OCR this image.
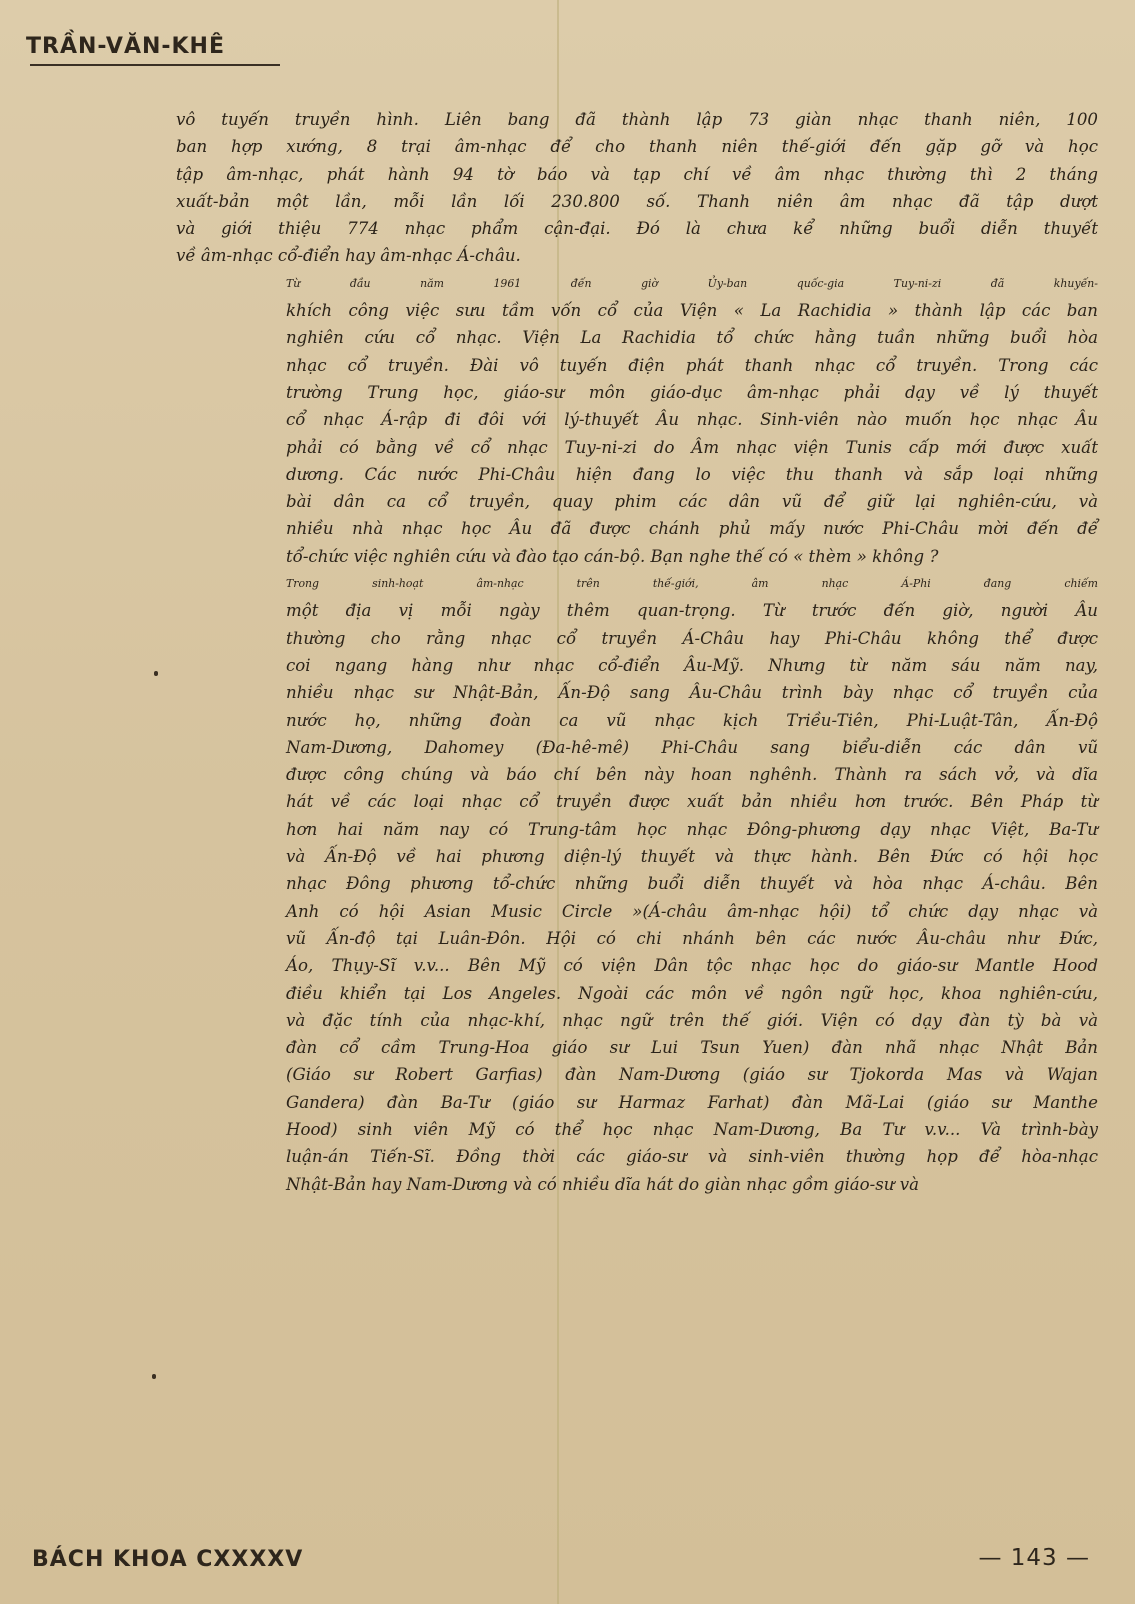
TRẦN-VĂN-KHÊ

vô tuyến truyền hình. Liên bang đã thành lập 73 giàn nhạc thanh niên, 100
ban hợp xướng, 8 trại âm-nhạc để cho thanh niên thế-giới đến gặp gỡ và học
tập âm-nhạc, phát hành 94 tờ báo và tạp chí về âm nhạc thường thì 2 tháng
xuất-bản một lần, mỗi lần lối 230.800 số. Thanh niên âm nhạc đã tập dượt
và giới thiệu 774 nhạc phẩm cận-đại. Đó là chưa kể những buổi diễn thuyết
về âm-nhạc cổ-điển hay âm-nhạc Á-châu.

Từ đầu năm 1961 đến giờ Ủy-ban quốc-gia Tuy-ni-zi đã khuyến-
khích công việc sưu tầm vốn cổ của Viện « La Rachidia » thành lập các ban
nghiên cứu cổ nhạc. Viện La Rachidia tổ chức hằng tuần những buổi hòa
nhạc cổ truyền. Đài vô tuyến điện phát thanh nhạc cổ truyền. Trong các
trường Trung học, giáo-sư môn giáo-dục âm-nhạc phải dạy về lý thuyết
cổ nhạc Á-rập đi đôi với lý-thuyết Âu nhạc. Sinh-viên nào muốn học nhạc Âu
phải có bằng về cổ nhạc Tuy-ni-zi do Âm nhạc viện Tunis cấp mới được xuất
dương. Các nước Phi-Châu hiện đang lo việc thu thanh và sắp loại những
bài dân ca cổ truyền, quay phim các dân vũ để giữ lại nghiên-cứu, và
nhiều nhà nhạc học Âu đã được chánh phủ mấy nước Phi-Châu mời đến để
tổ-chức việc nghiên cứu và đào tạo cán-bộ. Bạn nghe thế có « thèm » không ?

Trong sinh-hoạt âm-nhạc trên thế-giới, âm nhạc Á-Phi đang chiếm
một địa vị mỗi ngày thêm quan-trọng. Từ trước đến giờ, người Âu
thường cho rằng nhạc cổ truyền Á-Châu hay Phi-Châu không thể được
coi ngang hàng như nhạc cổ-điển Âu-Mỹ. Nhưng từ năm sáu năm nay,
nhiều nhạc sư Nhật-Bản, Ấn-Độ sang Âu-Châu trình bày nhạc cổ truyền của
nước họ, những đoàn ca vũ nhạc kịch Triều-Tiên, Phi-Luật-Tân, Ấn-Độ
Nam-Dương, Dahomey (Đa-hê-mê) Phi-Châu sang biểu-diễn các dân vũ
được công chúng và báo chí bên này hoan nghênh. Thành ra sách vở, và dĩa
hát về các loại nhạc cổ truyền được xuất bản nhiều hơn trước. Bên Pháp từ
hơn hai năm nay có Trung-tâm học nhạc Đông-phương dạy nhạc Việt, Ba-Tư
và Ấn-Độ về hai phương diện-lý thuyết và thực hành. Bên Đức có hội học
nhạc Đông phương tổ-chức những buổi diễn thuyết và hòa nhạc Á-châu. Bên
Anh có hội Asian Music Circle »(Á-châu âm-nhạc hội) tổ chức dạy nhạc và
vũ Ấn-độ tại Luân-Đôn. Hội có chi nhánh bên các nước Âu-châu như Đức,
Áo, Thụy-Sĩ v.v... Bên Mỹ có viện Dân tộc nhạc học do giáo-sư Mantle Hood
điều khiển tại Los Angeles. Ngoài các môn về ngôn ngữ học, khoa nghiên-cứu,
và đặc tính của nhạc-khí, nhạc ngữ trên thế giới. Viện có dạy đàn tỳ bà và
đàn cổ cầm Trung-Hoa giáo sư Lui Tsun Yuen) đàn nhã nhạc Nhật Bản
(Giáo sư Robert Garfias) đàn Nam-Dương (giáo sư Tjokorda Mas và Wajan
Gandera) đàn Ba-Tư (giáo sư Harmaz Farhat) đàn Mã-Lai (giáo sư Manthe
Hood) sinh viên Mỹ có thể học nhạc Nam-Dương, Ba Tư v.v... Và trình-bày
luận-án Tiến-Sĩ. Đồng thời các giáo-sư và sinh-viên thường họp để hòa-nhạc
Nhật-Bản hay Nam-Dương và có nhiều dĩa hát do giàn nhạc gồm giáo-sư và

BÁCH KHOA CXXXXV	— 143 —
